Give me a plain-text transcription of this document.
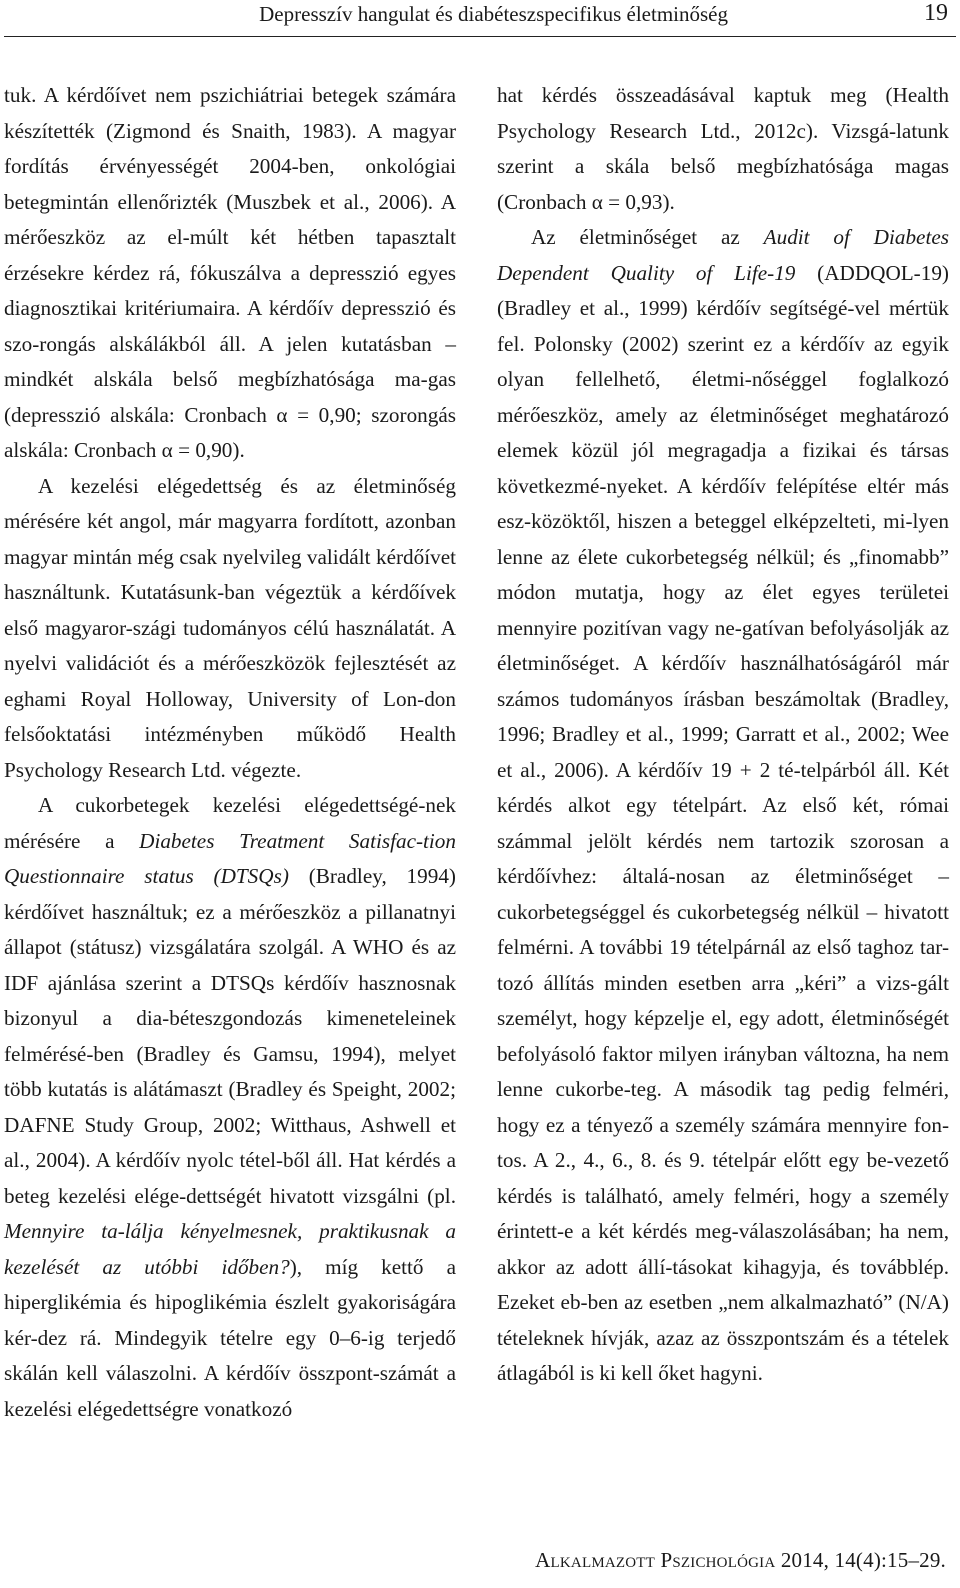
Depresszív hangulat és diabéteszspecifikus életminőség	19

tuk. A kérdőívet nem pszichiátriai betegek számára készítették (Zigmond és Snaith, 1983). A magyar fordítás érvényességét 2004-ben, onkológiai betegmintán ellenőrizték (Muszbek et al., 2006). A mérőeszköz az el-múlt két hétben tapasztalt érzésekre kérdez rá, fókuszálva a depresszió egyes diagnosztikai kritériumaira. A kérdőív depresszió és szo-rongás alskálákból áll. A jelen kutatásban – mindkét alskála belső megbízhatósága ma-gas (depresszió alskála: Cronbach α = 0,90; szorongás alskála: Cronbach α = 0,90).

A kezelési elégedettség és az életminőség mérésére két angol, már magyarra fordított, azonban magyar mintán még csak nyelvileg validált kérdőívet használtunk. Kutatásunk-ban végeztük a kérdőívek első magyaror-szági tudományos célú használatát. A nyelvi validációt és a mérőeszközök fejlesztését az eghami Royal Holloway, University of Lon-don felsőoktatási intézményben működő Health Psychology Research Ltd. végezte.

A cukorbetegek kezelési elégedettségé-nek mérésére a Diabetes Treatment Satisfac-tion Questionnaire status (DTSQs) (Bradley, 1994) kérdőívet használtuk; ez a mérőeszköz a pillanatnyi állapot (státusz) vizsgálatára szolgál. A WHO és az IDF ajánlása szerint a DTSQs kérdőív hasznosnak bizonyul a dia-béteszgondozás kimeneteleinek felmérésé-ben (Bradley és Gamsu, 1994), melyet több kutatás is alátámaszt (Bradley és Speight, 2002; DAFNE Study Group, 2002; Witthaus, Ashwell et al., 2004). A kérdőív nyolc tétel-ből áll. Hat kérdés a beteg kezelési elége-dettségét hivatott vizsgálni (pl. Mennyire ta-lálja kényelmesnek, praktikusnak a kezelését az utóbbi időben?), míg kettő a hiperglikémia és hipoglikémia észlelt gyakoriságára kér-dez rá. Mindegyik tételre egy 0–6-ig terjedő skálán kell válaszolni. A kérdőív összpont-számát a kezelési elégedettségre vonatkozó

hat kérdés összeadásával kaptuk meg (Health Psychology Research Ltd., 2012c). Vizsgá-latunk szerint a skála belső megbízhatósága magas (Cronbach α = 0,93).

Az életminőséget az Audit of Diabetes Dependent Quality of Life-19 (ADDQOL-19) (Bradley et al., 1999) kérdőív segítségé-vel mértük fel. Polonsky (2002) szerint ez a kérdőív az egyik olyan fellelhető, életmi-nőséggel foglalkozó mérőeszköz, amely az életminőséget meghatározó elemek közül jól megragadja a fizikai és társas következmé-nyeket. A kérdőív felépítése eltér más esz-közöktől, hiszen a beteggel elképzelteti, mi-lyen lenne az élete cukorbetegség nélkül; és „finomabb” módon mutatja, hogy az élet egyes területei mennyire pozitívan vagy ne-gatívan befolyásolják az életminőséget. A kérdőív használhatóságáról már számos tudományos írásban beszámoltak (Bradley, 1996; Bradley et al., 1999; Garratt et al., 2002; Wee et al., 2006). A kérdőív 19 + 2 té-telpárból áll. Két kérdés alkot egy tételpárt. Az első két, római számmal jelölt kérdés nem tartozik szorosan a kérdőívhez: általá-nosan az életminőséget – cukorbetegséggel és cukorbetegség nélkül – hivatott felmérni. A további 19 tételpárnál az első taghoz tar-tozó állítás minden esetben arra „kéri” a vizs-gált személyt, hogy képzelje el, egy adott, életminőségét befolyásoló faktor milyen irányban változna, ha nem lenne cukorbe-teg. A második tag pedig felméri, hogy ez a tényező a személy számára mennyire fon-tos. A 2., 4., 6., 8. és 9. tételpár előtt egy be-vezető kérdés is található, amely felméri, hogy a személy érintett-e a két kérdés meg-válaszolásában; ha nem, akkor az adott állí-tásokat kihagyja, és továbblép. Ezeket eb-ben az esetben „nem alkalmazható” (N/A) tételeknek hívják, azaz az összpontszám és a tételek átlagából is ki kell őket hagyni.

Alkalmazott Pszichológia 2014, 14(4):15–29.
